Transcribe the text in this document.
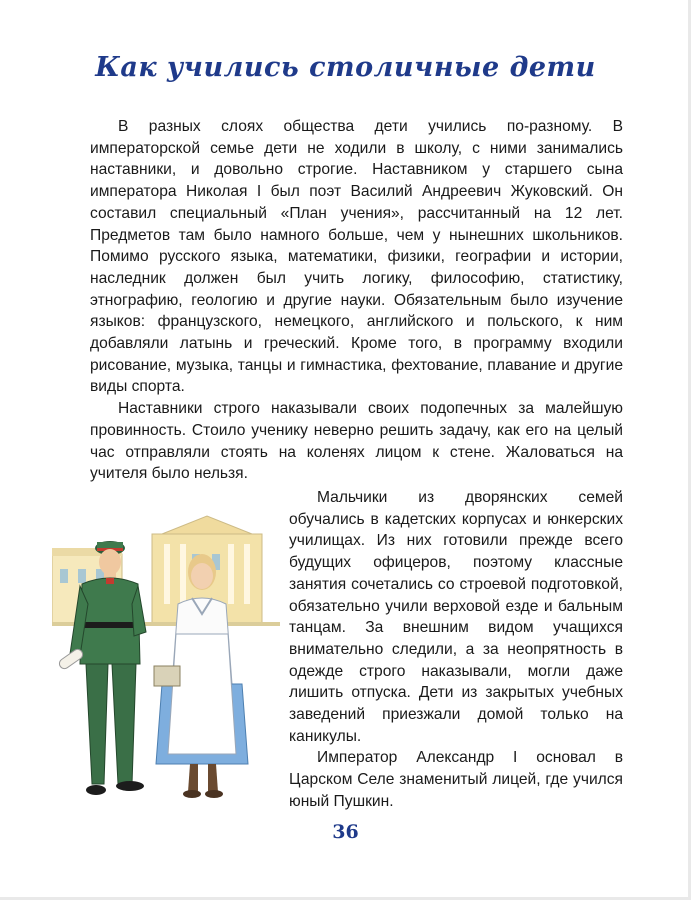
Как учились столичные дети

В разных слоях общества дети учились по-разному. В императорской семье дети не ходили в школу, с ними занимались наставники, и довольно строгие. Наставником у старшего сына императора Николая I был поэт Василий Андреевич Жуковский. Он составил специальный «План учения», рассчитанный на 12 лет. Предметов там было намного больше, чем у нынешних школьников. Помимо русского языка, математики, физики, географии и истории, наследник должен был учить логику, философию, статистику, этнографию, геологию и другие науки. Обязательным было изучение языков: французского, немецкого, английского и польского, к ним добавляли латынь и греческий. Кроме того, в программу входили рисование, музыка, танцы и гимнастика, фехтование, плавание и другие виды спорта.

Наставники строго наказывали своих подопечных за малейшую провинность. Стоило ученику неверно решить задачу, как его на целый час отправляли стоять на коленях лицом к стене. Жаловаться на учителя было нельзя.

Мальчики из дворянских семей обучались в кадетских корпусах и юнкерских училищах. Из них готовили прежде всего будущих офицеров, поэтому классные занятия сочетались со строевой подготовкой, обязательно учили верховой езде и бальным танцам. За внешним видом учащихся внимательно следили, а за неопрятность в одежде строго наказывали, могли даже лишить отпуска. Дети из закрытых учебных заведений приезжали домой только на каникулы.

Император Александр I основал в Царском Селе знаменитый лицей, где учился юный Пушкин.

36
